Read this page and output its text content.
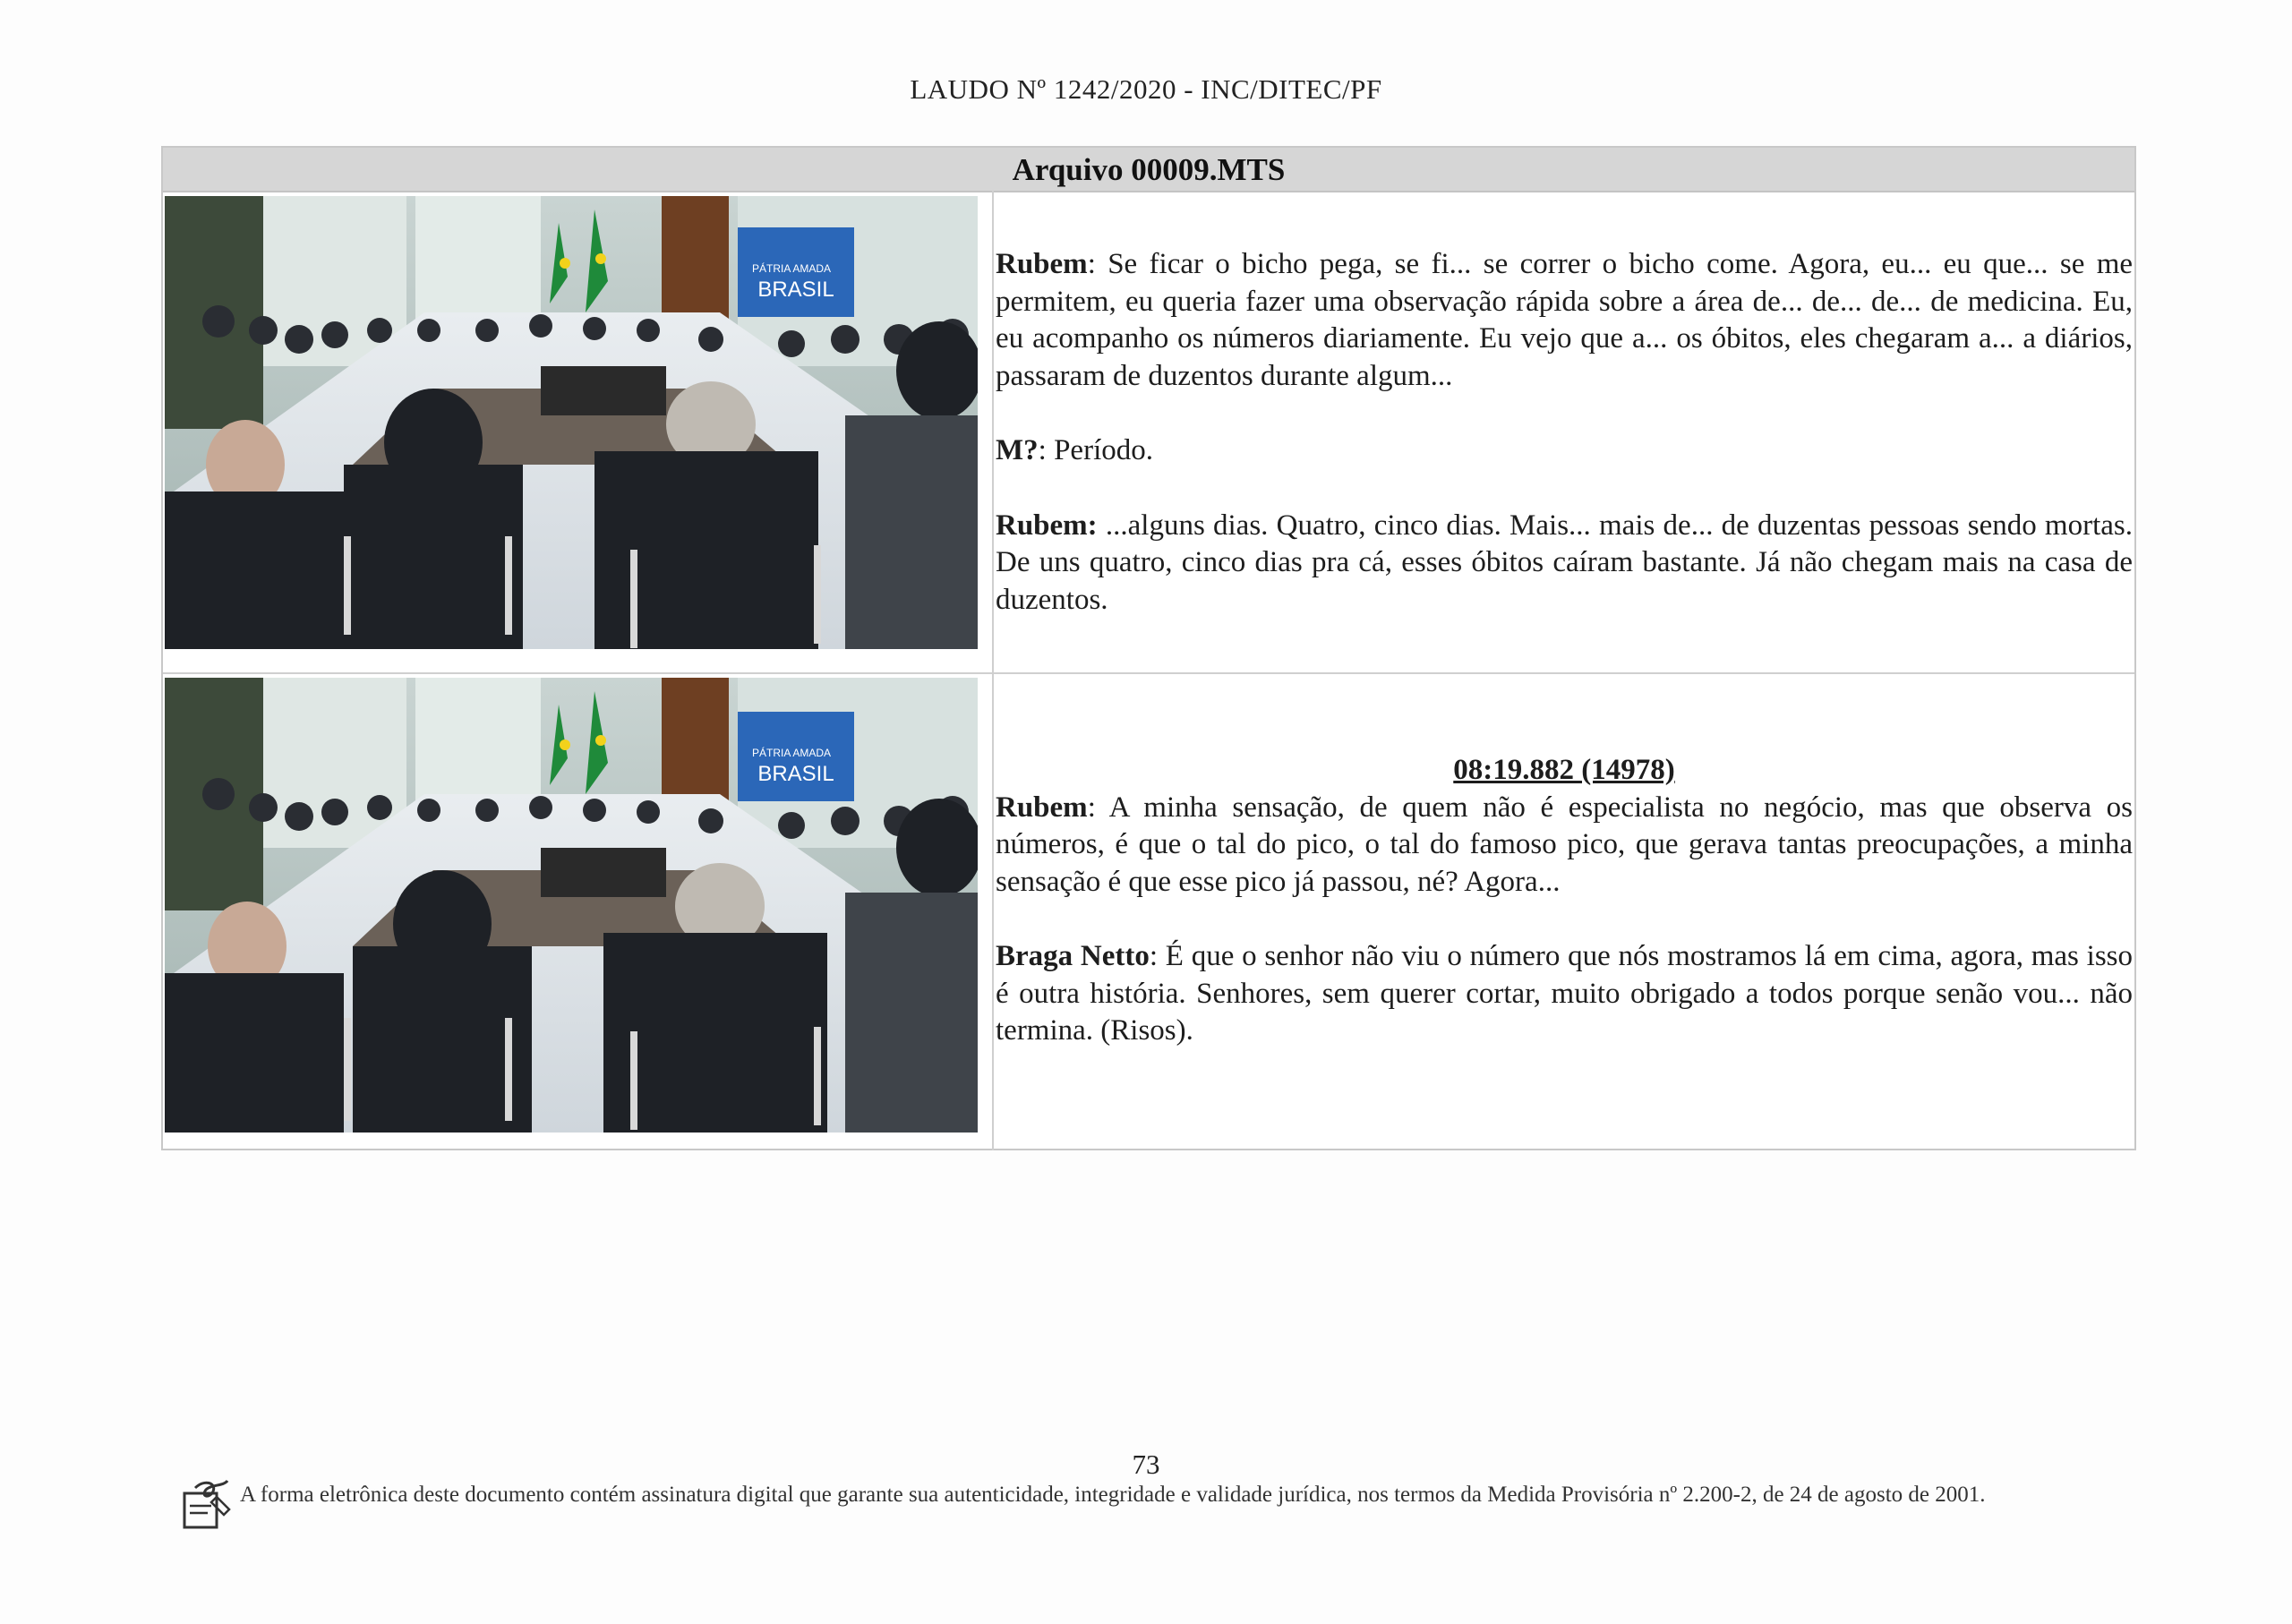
LAUDO Nº 1242/2020 - INC/DITEC/PF
Arquivo 00009.MTS
PÁTRIA AMADA
BRASIL

Rubem: Se ficar o bicho pega, se fi... se correr o bicho come. Agora, eu... eu que... se me permitem, eu queria fazer uma observação rápida sobre a área de... de... de... de medicina. Eu, eu acompanho os números diariamente. Eu vejo que a... os óbitos, eles chegaram a... a diários, passaram de duzentos durante algum...

M?: Período.

Rubem: ...alguns dias. Quatro, cinco dias. Mais... mais de... de duzentas pessoas sendo mortas. De uns quatro, cinco dias pra cá, esses óbitos caíram bastante. Já não chegam mais na casa de duzentos.

PÁTRIA AMADA
BRASIL	08:19.882 (14978)

Rubem: A minha sensação, de quem não é especialista no negócio, mas que observa os números, é que o tal do pico, o tal do famoso pico, que gerava tantas preocupações, a minha sensação é que esse pico já passou, né? Agora...

Braga Netto: É que o senhor não viu o número que nós mostramos lá em cima, agora, mas isso é outra história. Senhores, sem querer cortar, muito obrigado a todos porque senão vou... não termina. (Risos).

73
A forma eletrônica deste documento contém assinatura digital que garante sua autenticidade, integridade e validade jurídica, nos termos da Medida Provisória nº 2.200-2, de 24 de agosto de 2001.
